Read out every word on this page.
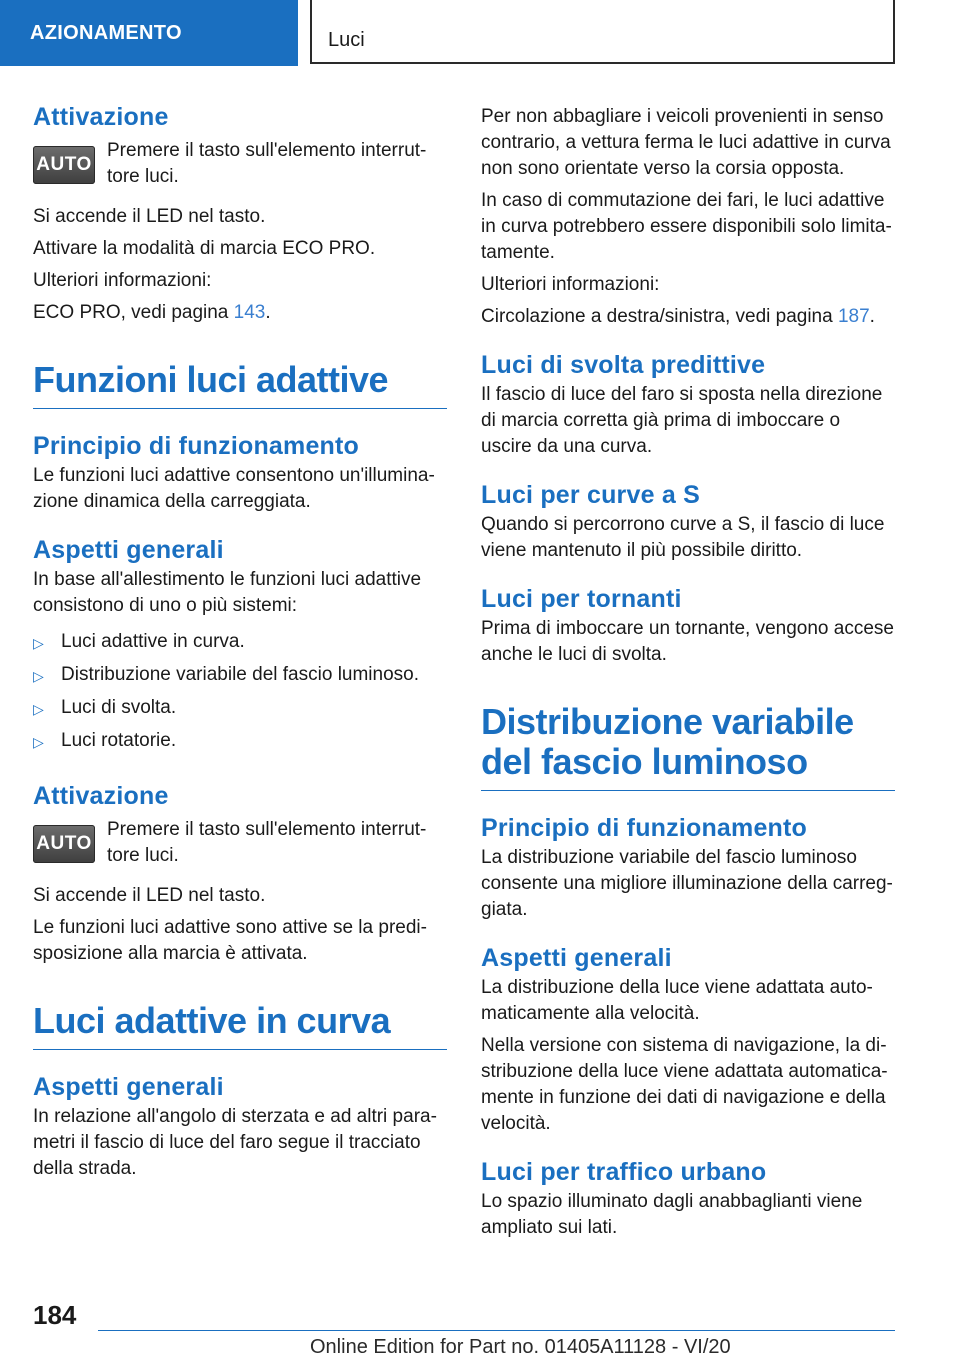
AZIONAMENTO	Luci
Attivazione
AUTO

Premere il tasto sull'elemento interrut-tore luci.

Si accende il LED nel tasto.

Attivare la modalità di marcia ECO PRO.

Ulteriori informazioni:

ECO PRO, vedi pagina 143.

Funzioni luci adattive
Principio di funzionamento

Le funzioni luci adattive consentono un'illumina-zione dinamica della carreggiata.

Aspetti generali

In base all'allestimento le funzioni luci adattive consistono di uno o più sistemi:

▷ Luci adattive in curva.
▷ Distribuzione variabile del fascio luminoso.
▷ Luci di svolta.
▷ Luci rotatorie.
Attivazione
AUTO

Premere il tasto sull'elemento interrut-tore luci.

Si accende il LED nel tasto.

Le funzioni luci adattive sono attive se la predi-sposizione alla marcia è attivata.

Luci adattive in curva
Aspetti generali

In relazione all'angolo di sterzata e ad altri para-metri il fascio di luce del faro segue il tracciato della strada.

Per non abbagliare i veicoli provenienti in senso contrario, a vettura ferma le luci adattive in curva non sono orientate verso la corsia opposta.

In caso di commutazione dei fari, le luci adattive in curva potrebbero essere disponibili solo limita-tamente.

Ulteriori informazioni:

Circolazione a destra/sinistra, vedi pagina 187.

Luci di svolta predittive

Il fascio di luce del faro si sposta nella direzione di marcia corretta già prima di imboccare o uscire da una curva.

Luci per curve a S

Quando si percorrono curve a S, il fascio di luce viene mantenuto il più possibile diritto.

Luci per tornanti

Prima di imboccare un tornante, vengono accese anche le luci di svolta.

Distribuzione variabile del fascio luminoso
Principio di funzionamento

La distribuzione variabile del fascio luminoso consente una migliore illuminazione della carreg-giata.

Aspetti generali

La distribuzione della luce viene adattata auto-maticamente alla velocità.

Nella versione con sistema di navigazione, la di-stribuzione della luce viene adattata automatica-mente in funzione dei dati di navigazione e della velocità.

Luci per traffico urbano

Lo spazio illuminato dagli anabbaglianti viene ampliato sui lati.

184
Online Edition for Part no. 01405A11128 - VI/20
